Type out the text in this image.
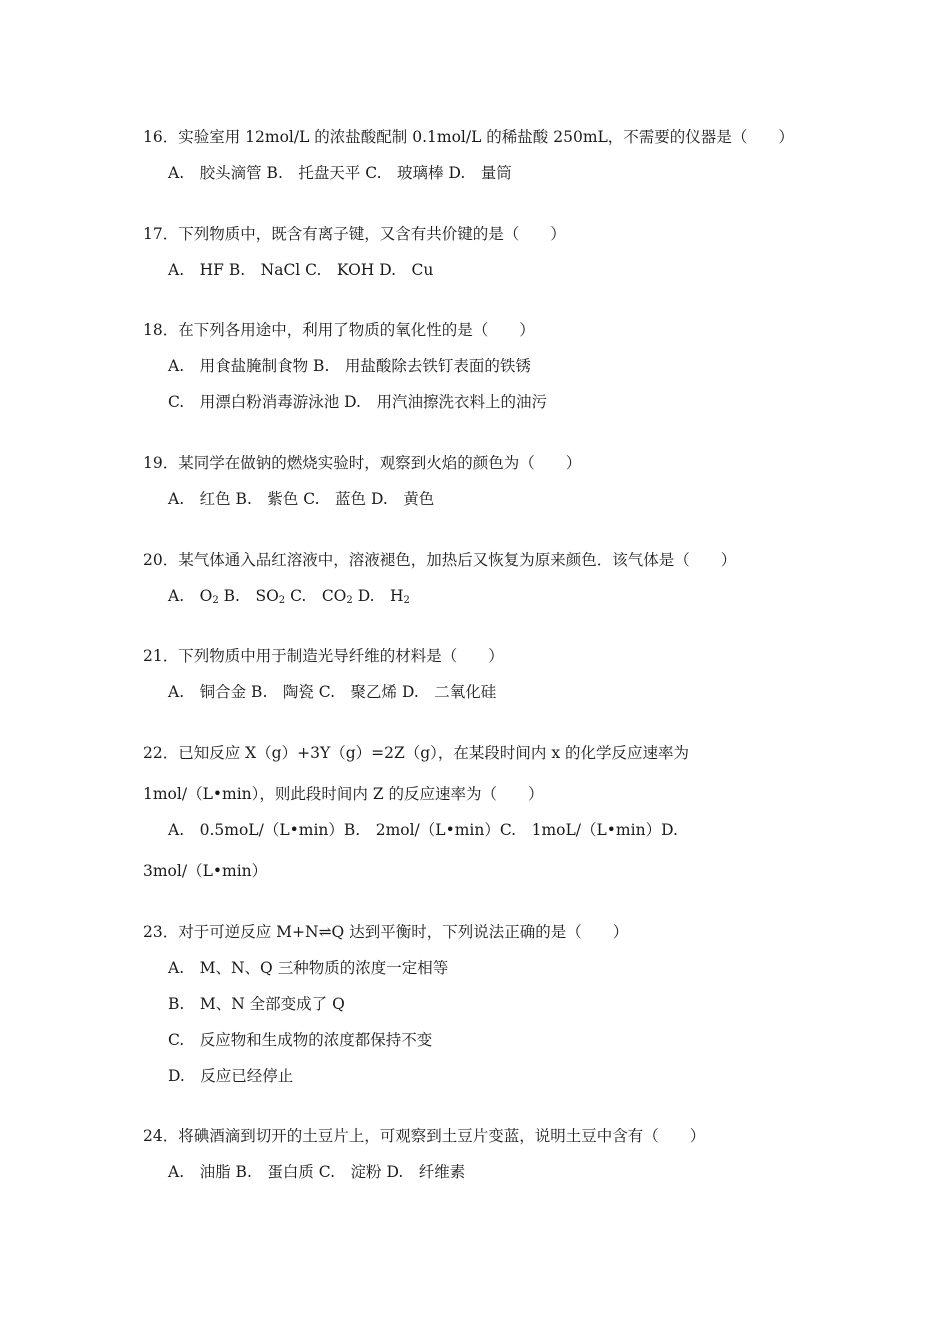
16．实验室用 12mol/L 的浓盐酸配制 0.1mol/L 的稀盐酸 250mL，不需要的仪器是（　　）
A.　胶头滴管 B.　托盘天平 C.　玻璃棒 D.　量筒
17．下列物质中，既含有离子键，又含有共价键的是（　　）
A.　HF B.　NaCl C.　KOH D.　Cu
18．在下列各用途中，利用了物质的氧化性的是（　　）
A.　用食盐腌制食物 B.　用盐酸除去铁钉表面的铁锈
C.　用漂白粉消毒游泳池 D.　用汽油擦洗衣料上的油污
19．某同学在做钠的燃烧实验时，观察到火焰的颜色为（　　）
A.　红色 B.　紫色 C.　蓝色 D.　黄色
20．某气体通入品红溶液中，溶液褪色，加热后又恢复为原来颜色．该气体是（　　）
A.　$O_2$ B.　$SO_2$ C.　$CO_2$ D.　$H_2$
21．下列物质中用于制造光导纤维的材料是（　　）
A.　铜合金 B.　陶瓷 C.　聚乙烯 D.　二氧化硅
22．已知反应 X（g）+3Y（g）=2Z（g），在某段时间内 x 的化学反应速率为
1mol/（L•min），则此段时间内 Z 的反应速率为（　　）
A.　0.5moL/（L•min）B.　2mol/（L•min）C.　1moL/（L•min）D.
3mol/（L•min）
23．对于可逆反应 M+N⇌Q 达到平衡时，下列说法正确的是（　　）
A.　M、N、Q 三种物质的浓度一定相等
B.　M、N 全部变成了 Q
C.　反应物和生成物的浓度都保持不变
D.　反应已经停止
24．将碘酒滴到切开的土豆片上，可观察到土豆片变蓝，说明土豆中含有（　　）
A.　油脂 B.　蛋白质 C.　淀粉 D.　纤维素
